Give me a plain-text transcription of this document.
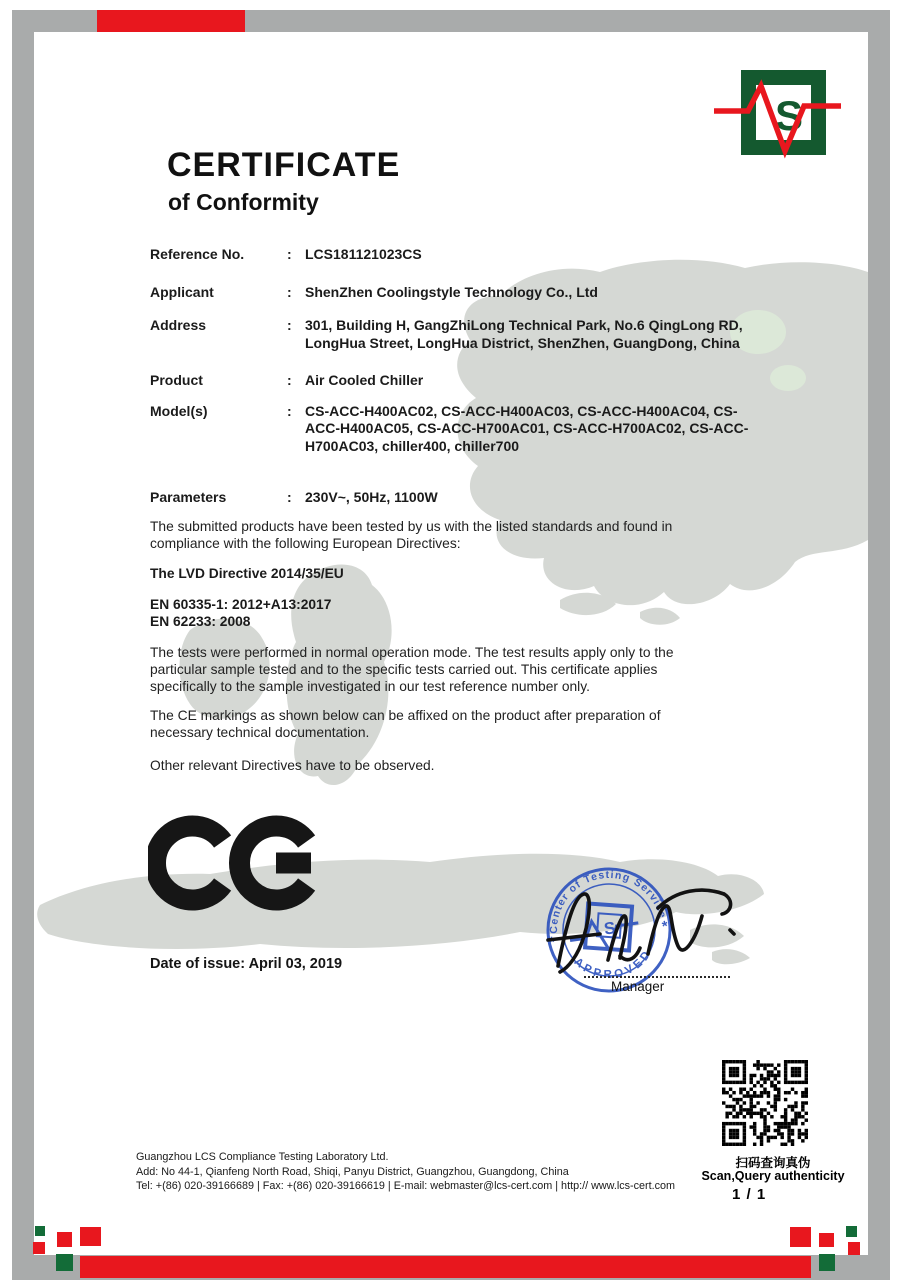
S
CERTIFICATE
of Conformity
Reference No.	: LCS181121023CS
Applicant	: ShenZhen Coolingstyle Technology Co., Ltd
Address	: 301, Building H, GangZhiLong Technical Park, No.6 QingLong RD, LongHua Street, LongHua District, ShenZhen, GuangDong, China
Product	: Air Cooled Chiller
Model(s)	: CS-ACC-H400AC02, CS-ACC-H400AC03, CS-ACC-H400AC04, CS-ACC-H400AC05, CS-ACC-H700AC01, CS-ACC-H700AC02, CS-ACC-H700AC03, chiller400, chiller700
Parameters	: 230V~, 50Hz, 1100W

The submitted products have been tested by us with the listed standards and found in compliance with the following European Directives:

The LVD Directive 2014/35/EU

EN 60335-1: 2012+A13:2017

EN 62233: 2008

The tests were performed in normal operation mode. The test results apply only to the particular sample tested and to the specific tests carried out. This certificate applies specifically to the sample investigated in our test reference number only.

The CE markings as shown below can be affixed on the product after preparation of necessary technical documentation.

Other relevant Directives have to be observed.

Date of issue: April 03, 2019
Center of Testing Service
APPROVED
*
*
S
Manager
扫码查询真伪
Scan,Query authenticity
Guangzhou LCS Compliance Testing Laboratory Ltd.
Add: No 44-1, Qianfeng North Road, Shiqi, Panyu District, Guangzhou, Guangdong, China
Tel: +(86) 020-39166689 | Fax: +(86) 020-39166619 | E-mail: webmaster@lcs-cert.com | http:// www.lcs-cert.com	1 / 1
